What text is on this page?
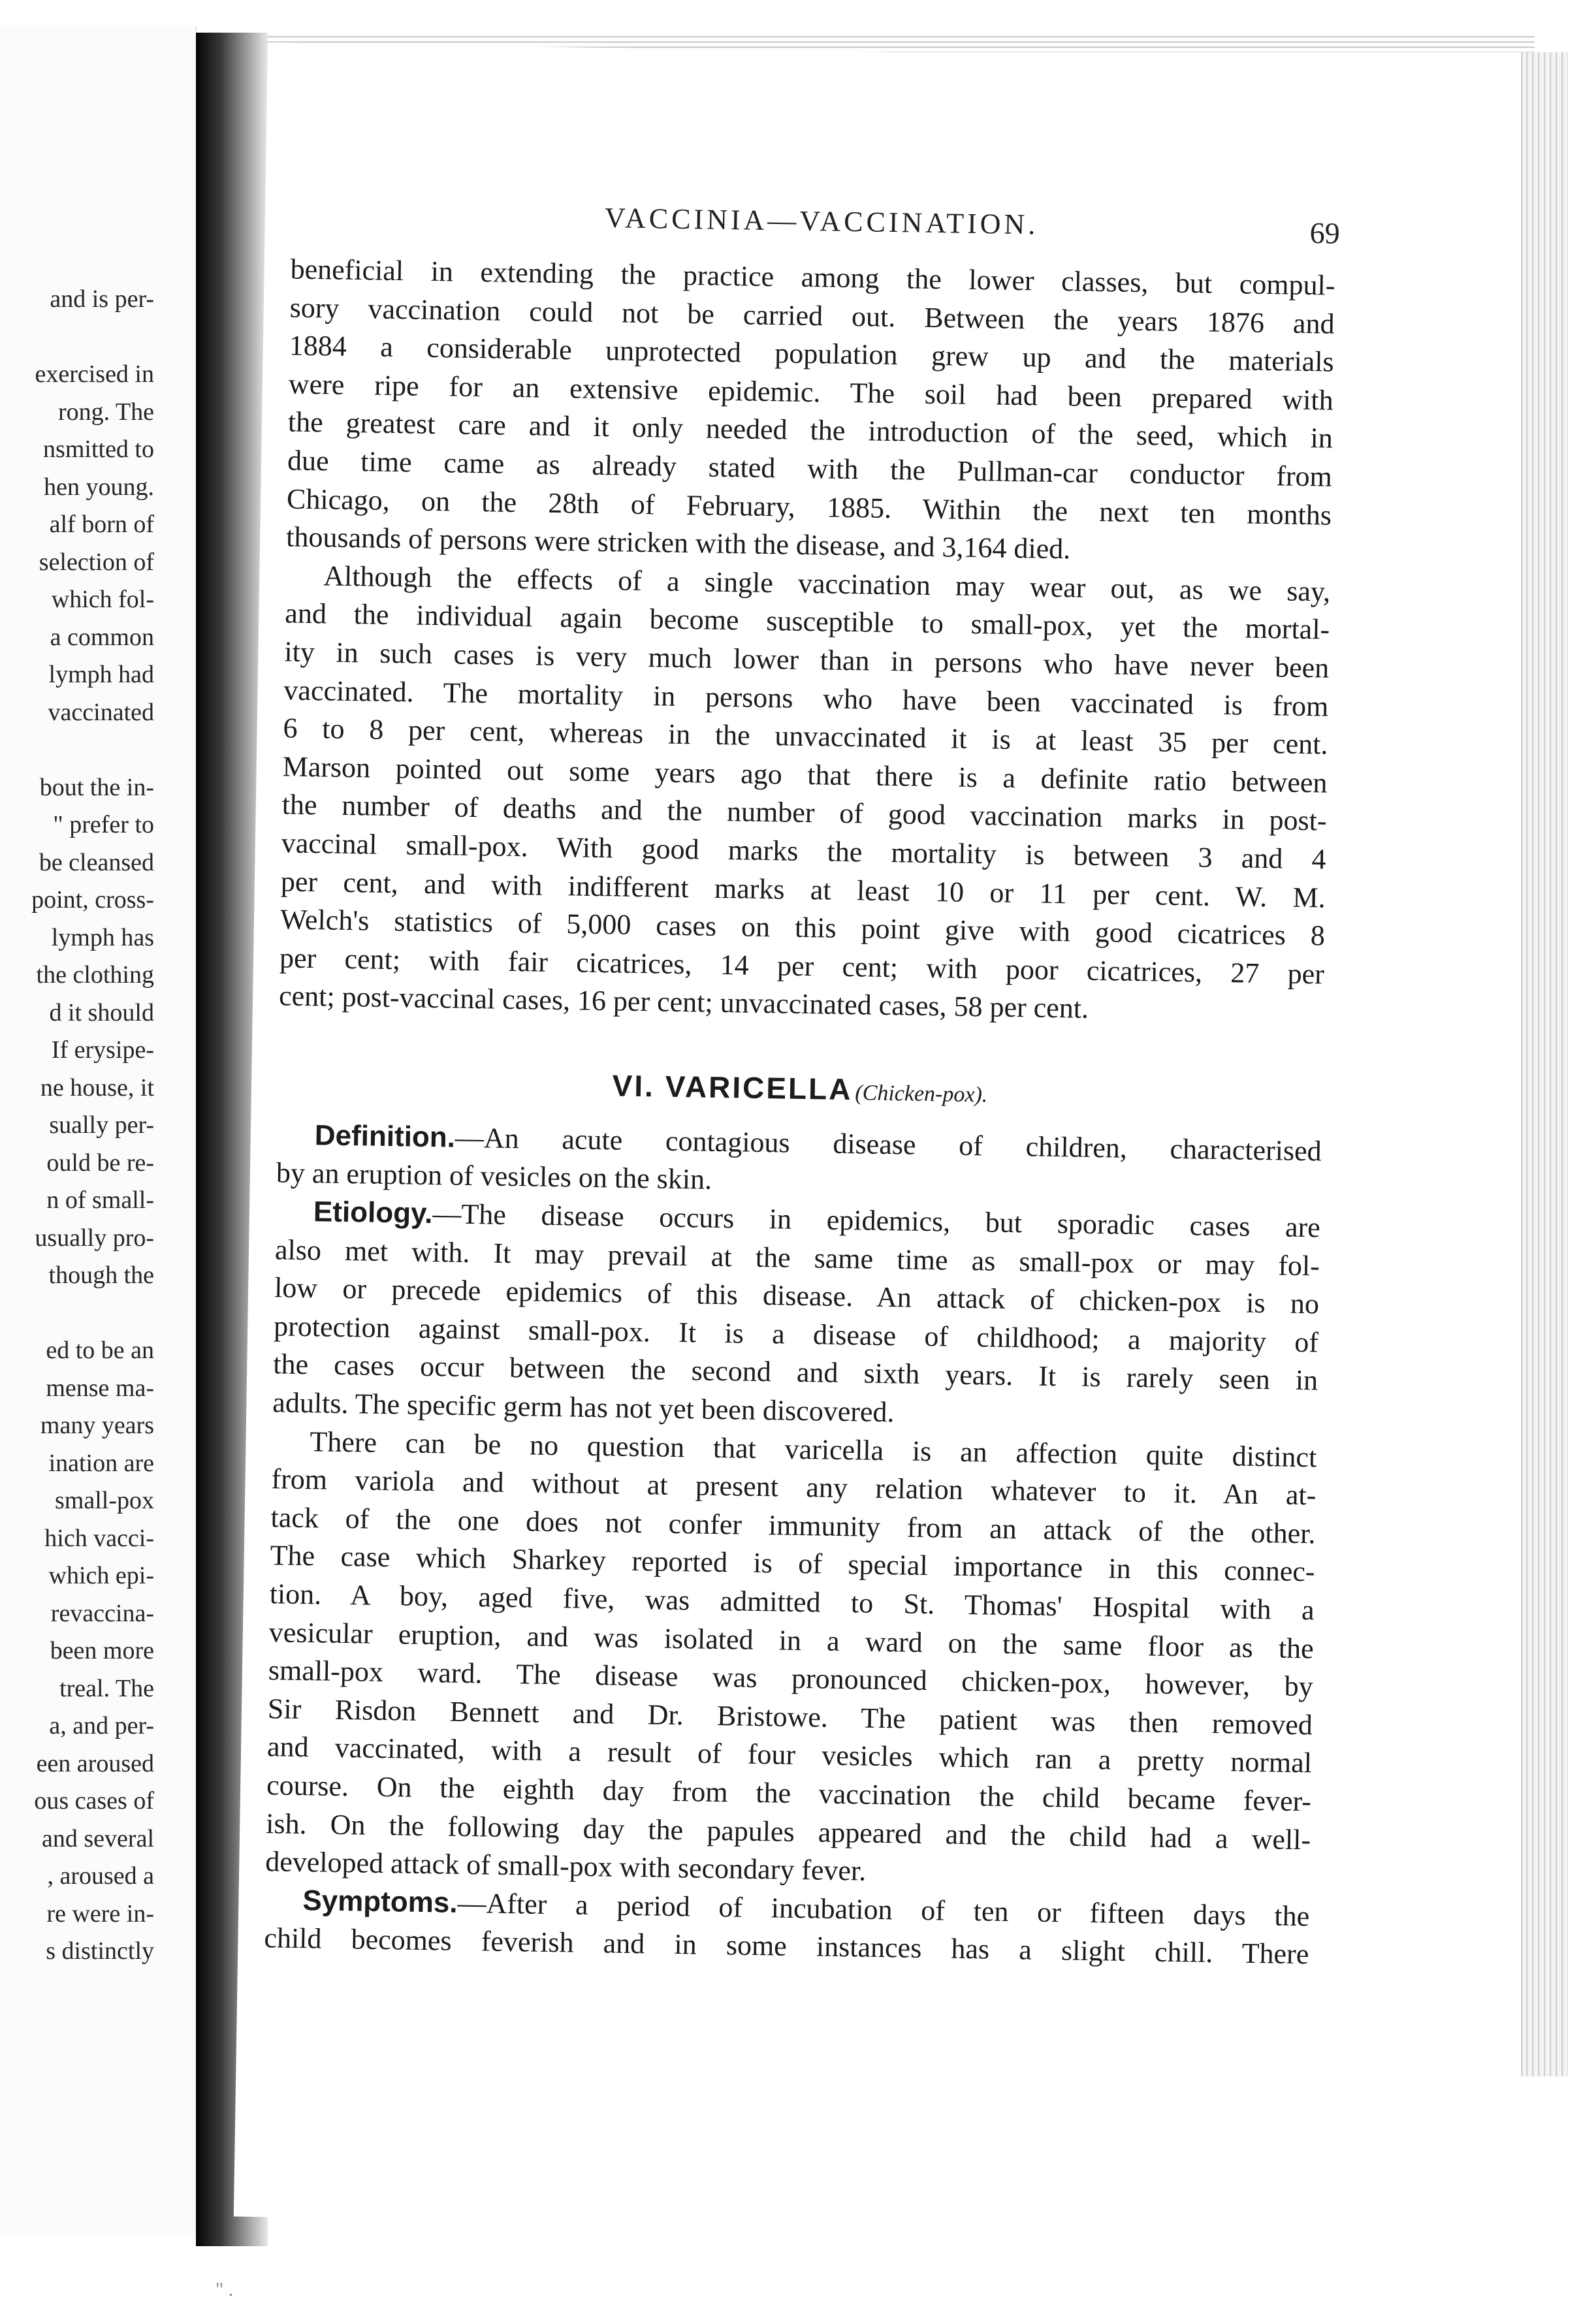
and is per-
exercised in
rong. The
nsmitted to
hen young.
alf born of
selection of
which fol-
a common
lymph had
vaccinated
bout the in-
" prefer to
be cleansed
point, cross-
lymph has
the clothing
d it should
If erysipe-
ne house, it
sually per-
ould be re-
n of small-
usually pro-
though the
ed to be an
mense ma-
many years
ination are
small-pox
hich vacci-
which epi-
revaccina-
been more
treal. The
a, and per-
een aroused
ous cases of
and several
, aroused a
re were in-
s distinctly
VACCINIA—VACCINATION.	69
beneficial in extending the practice among the lower classes, but compul-
sory vaccination could not be carried out. Between the years 1876 and
1884 a considerable unprotected population grew up and the materials
were ripe for an extensive epidemic. The soil had been prepared with
the greatest care and it only needed the introduction of the seed, which in
due time came as already stated with the Pullman-car conductor from
Chicago, on the 28th of February, 1885. Within the next ten months
thousands of persons were stricken with the disease, and 3,164 died.
Although the effects of a single vaccination may wear out, as we say,
and the individual again become susceptible to small-pox, yet the mortal-
ity in such cases is very much lower than in persons who have never been
vaccinated. The mortality in persons who have been vaccinated is from
6 to 8 per cent, whereas in the unvaccinated it is at least 35 per cent.
Marson pointed out some years ago that there is a definite ratio between
the number of deaths and the number of good vaccination marks in post-
vaccinal small-pox. With good marks the mortality is between 3 and 4
per cent, and with indifferent marks at least 10 or 11 per cent. W. M.
Welch's statistics of 5,000 cases on this point give with good cicatrices 8
per cent; with fair cicatrices, 14 per cent; with poor cicatrices, 27 per
cent; post-vaccinal cases, 16 per cent; unvaccinated cases, 58 per cent.
VI. VARICELLA (Chicken-pox).
Definition.—An acute contagious disease of children, characterised
by an eruption of vesicles on the skin.
Etiology.—The disease occurs in epidemics, but sporadic cases are
also met with. It may prevail at the same time as small-pox or may fol-
low or precede epidemics of this disease. An attack of chicken-pox is no
protection against small-pox. It is a disease of childhood; a majority of
the cases occur between the second and sixth years. It is rarely seen in
adults. The specific germ has not yet been discovered.
There can be no question that varicella is an affection quite distinct
from variola and without at present any relation whatever to it. An at-
tack of the one does not confer immunity from an attack of the other.
The case which Sharkey reported is of special importance in this connec-
tion. A boy, aged five, was admitted to St. Thomas' Hospital with a
vesicular eruption, and was isolated in a ward on the same floor as the
small-pox ward. The disease was pronounced chicken-pox, however, by
Sir Risdon Bennett and Dr. Bristowe. The patient was then removed
and vaccinated, with a result of four vesicles which ran a pretty normal
course. On the eighth day from the vaccination the child became fever-
ish. On the following day the papules appeared and the child had a well-
developed attack of small-pox with secondary fever.
Symptoms.—After a period of incubation of ten or fifteen days the
child becomes feverish and in some instances has a slight chill. There
" .
